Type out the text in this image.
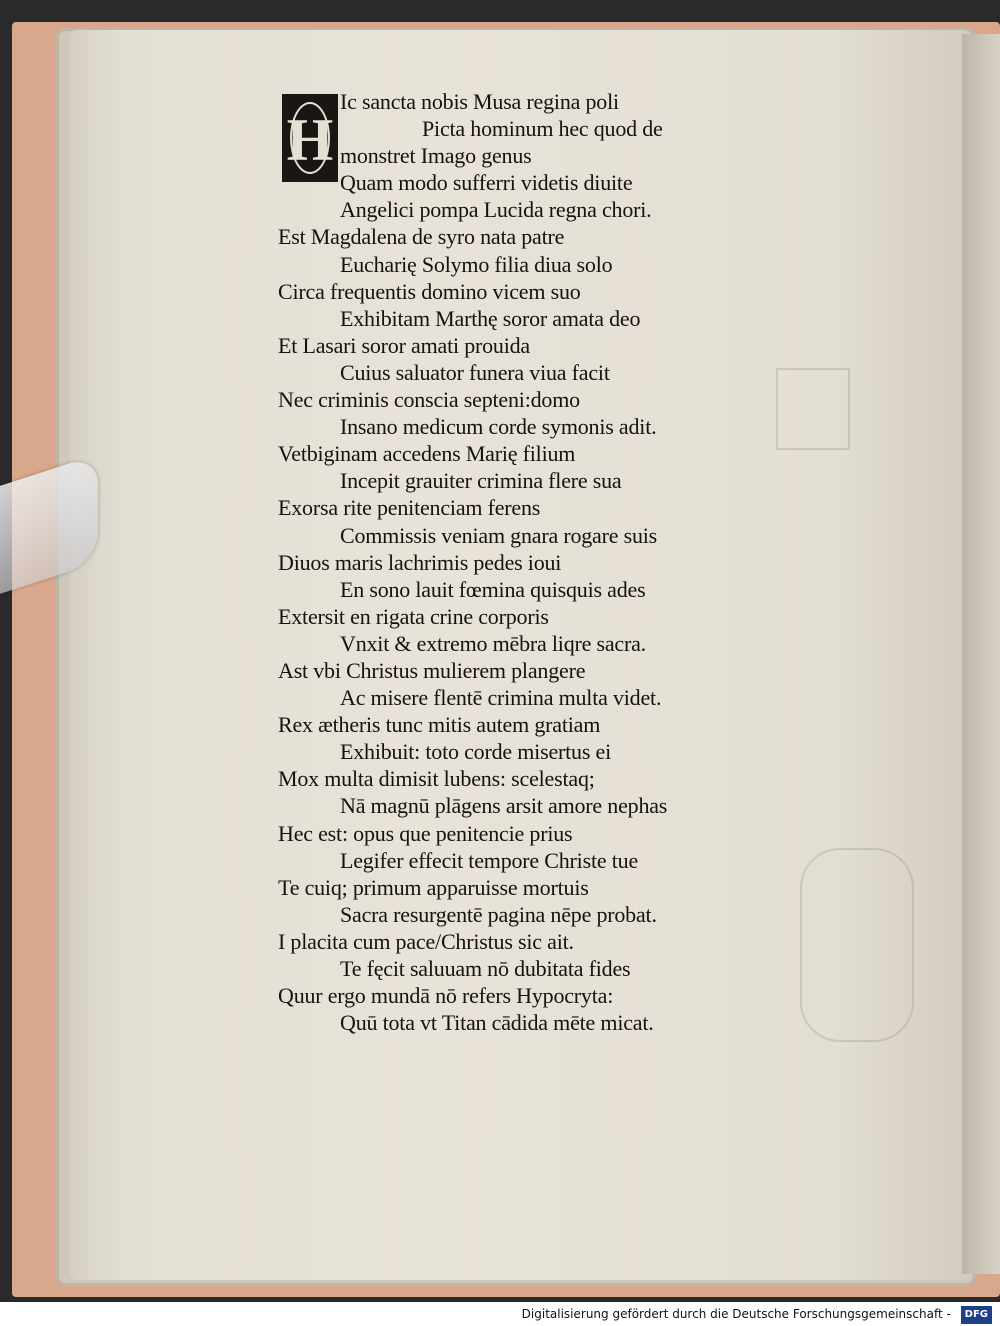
H
Ic sancta nobis Musa regina poli
Picta hominum hec quod de
monstret Imago genus
Quam modo sufferri videtis diuite
Angelici pompa Lucida regna chori.
Est Magdalena de syro nata patre
Eucharię Solymo filia diua solo
Circa frequentis domino vicem suo
Exhibitam Marthę soror amata deo
Et Lasari soror amati prouida
Cuius saluator funera viua facit
Nec criminis conscia septeni:domo
Insano medicum corde symonis adit.
Vetbiginam accedens Marię filium
Incepit grauiter crimina flere sua
Exorsa rite penitenciam ferens
Commissis veniam gnara rogare suis
Diuos maris lachrimis pedes ioui
En sono lauit fœmina quisquis ades
Extersit en rigata crine corporis
Vnxit & extremo mēbra liqre sacra.
Ast vbi Christus mulierem plangere
Ac misere flentē crimina multa videt.
Rex ætheris tunc mitis autem gratiam
Exhibuit: toto corde misertus ei
Mox multa dimisit lubens: scelestaq;
Nā magnū plāgens arsit amore nephas
Hec est: opus que penitencie prius
Legifer effecit tempore Christe tue
Te cuiq; primum apparuisse mortuis
Sacra resurgentē pagina nēpe probat.
I placita cum pace/Christus sic ait.
Te fęcit saluuam nō dubitata fides
Quur ergo mundā nō refers Hypocryta:
Quū tota vt Titan cādida mēte micat.
Digitalisierung gefördert durch die Deutsche Forschungsgemeinschaft - DFG
